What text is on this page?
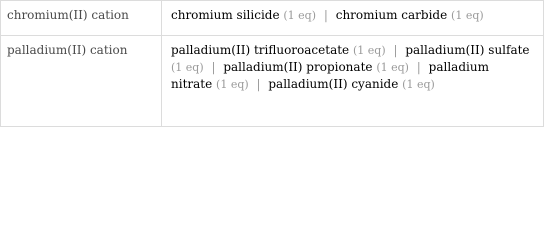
chromium(II) cation	chromium silicide (1 eq) | chromium carbide (1 eq)
palladium(II) cation	palladium(II) trifluoroacetate (1 eq) | palladium(II) sulfate (1 eq) | palladium(II) propionate (1 eq) | palladium nitrate (1 eq) | palladium(II) cyanide (1 eq)
